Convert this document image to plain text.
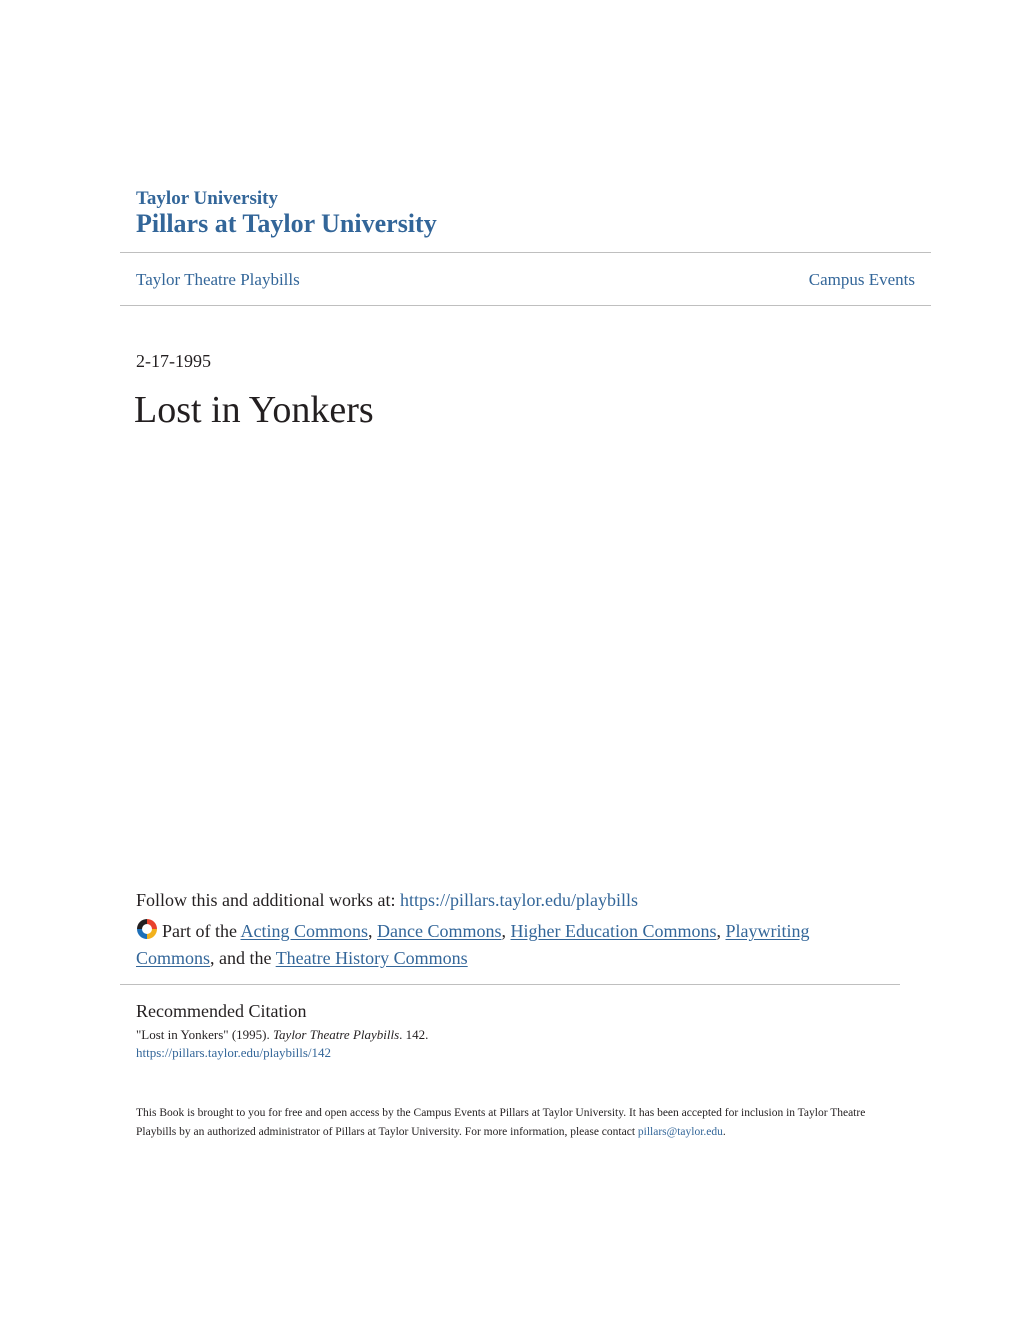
Taylor University
Pillars at Taylor University
Taylor Theatre Playbills	Campus Events
2-17-1995
Lost in Yonkers
Follow this and additional works at: https://pillars.taylor.edu/playbills
Part of the Acting Commons, Dance Commons, Higher Education Commons, Playwriting Commons, and the Theatre History Commons
Recommended Citation
"Lost in Yonkers" (1995). Taylor Theatre Playbills. 142.
https://pillars.taylor.edu/playbills/142
This Book is brought to you for free and open access by the Campus Events at Pillars at Taylor University. It has been accepted for inclusion in Taylor Theatre Playbills by an authorized administrator of Pillars at Taylor University. For more information, please contact pillars@taylor.edu.
